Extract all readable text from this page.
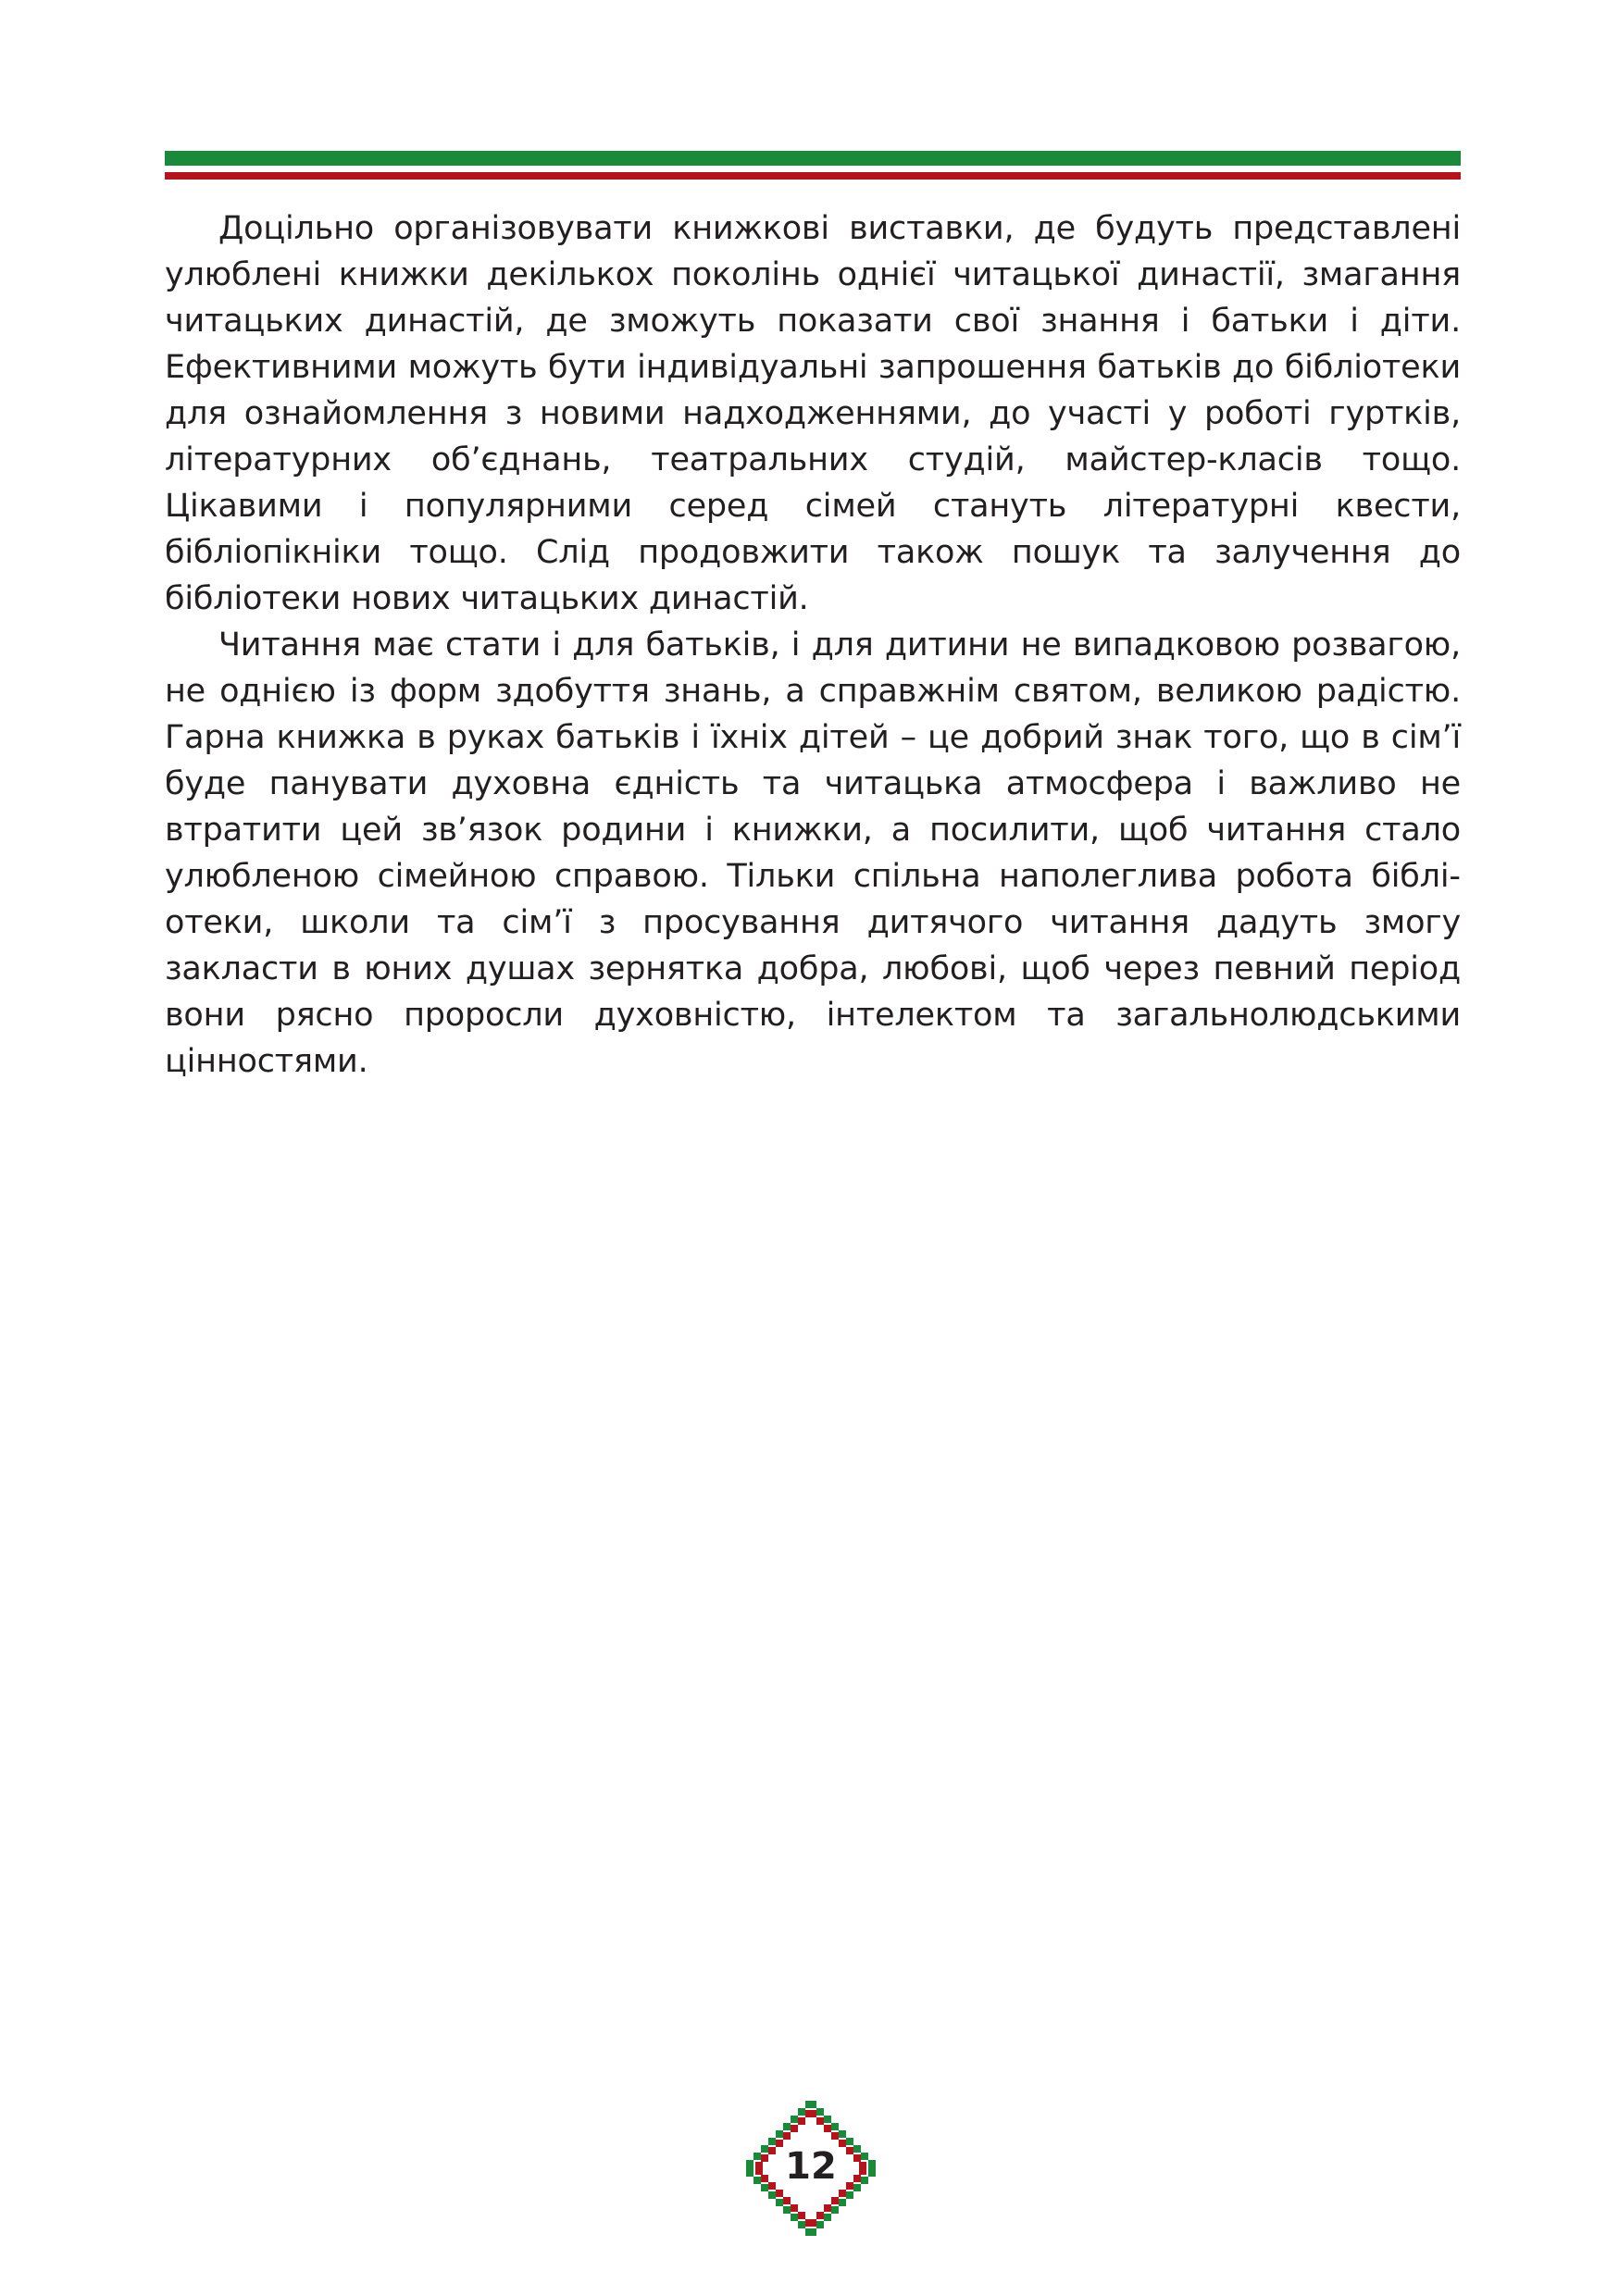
Доцільно організовувати книжкові виставки, де будуть представлені улюблені книжки декількох поколінь однієї читацької династії, змагання читацьких династій, де зможуть показати свої знання і батьки і діти. Ефективними можуть бути індивідуальні запрошення батьків до бібліотеки для ознайомлення з новими надходженнями, до участі у роботі гуртків, літературних об’єднань, театральних студій, майстер-класів тощо. Цікавими і популярними серед сімей стануть літературні квести, бібліопікніки тощо. Слід продовжити також пошук та залучення до бібліотеки нових читацьких династій.

Читання має стати і для батьків, і для дитини не випадковою розвагою, не однією із форм здобуття знань, а справжнім святом, великою радістю. Гарна книжка в руках батьків і їхніх дітей – це добрий знак того, що в сім’ї буде панувати духовна єдність та читацька атмосфера і важливо не втратити цей зв’язок родини і книжки, а посилити, щоб читання стало улюбленою сімейною справою. Тільки спільна наполеглива робота бібліотеки, школи та сім’ї з просування дитячого читання дадуть змогу закласти в юних душах зернятка добра, любові, щоб через певний період вони рясно проросли духовністю, інтелектом та загальнолюдськими цінностями.

12
